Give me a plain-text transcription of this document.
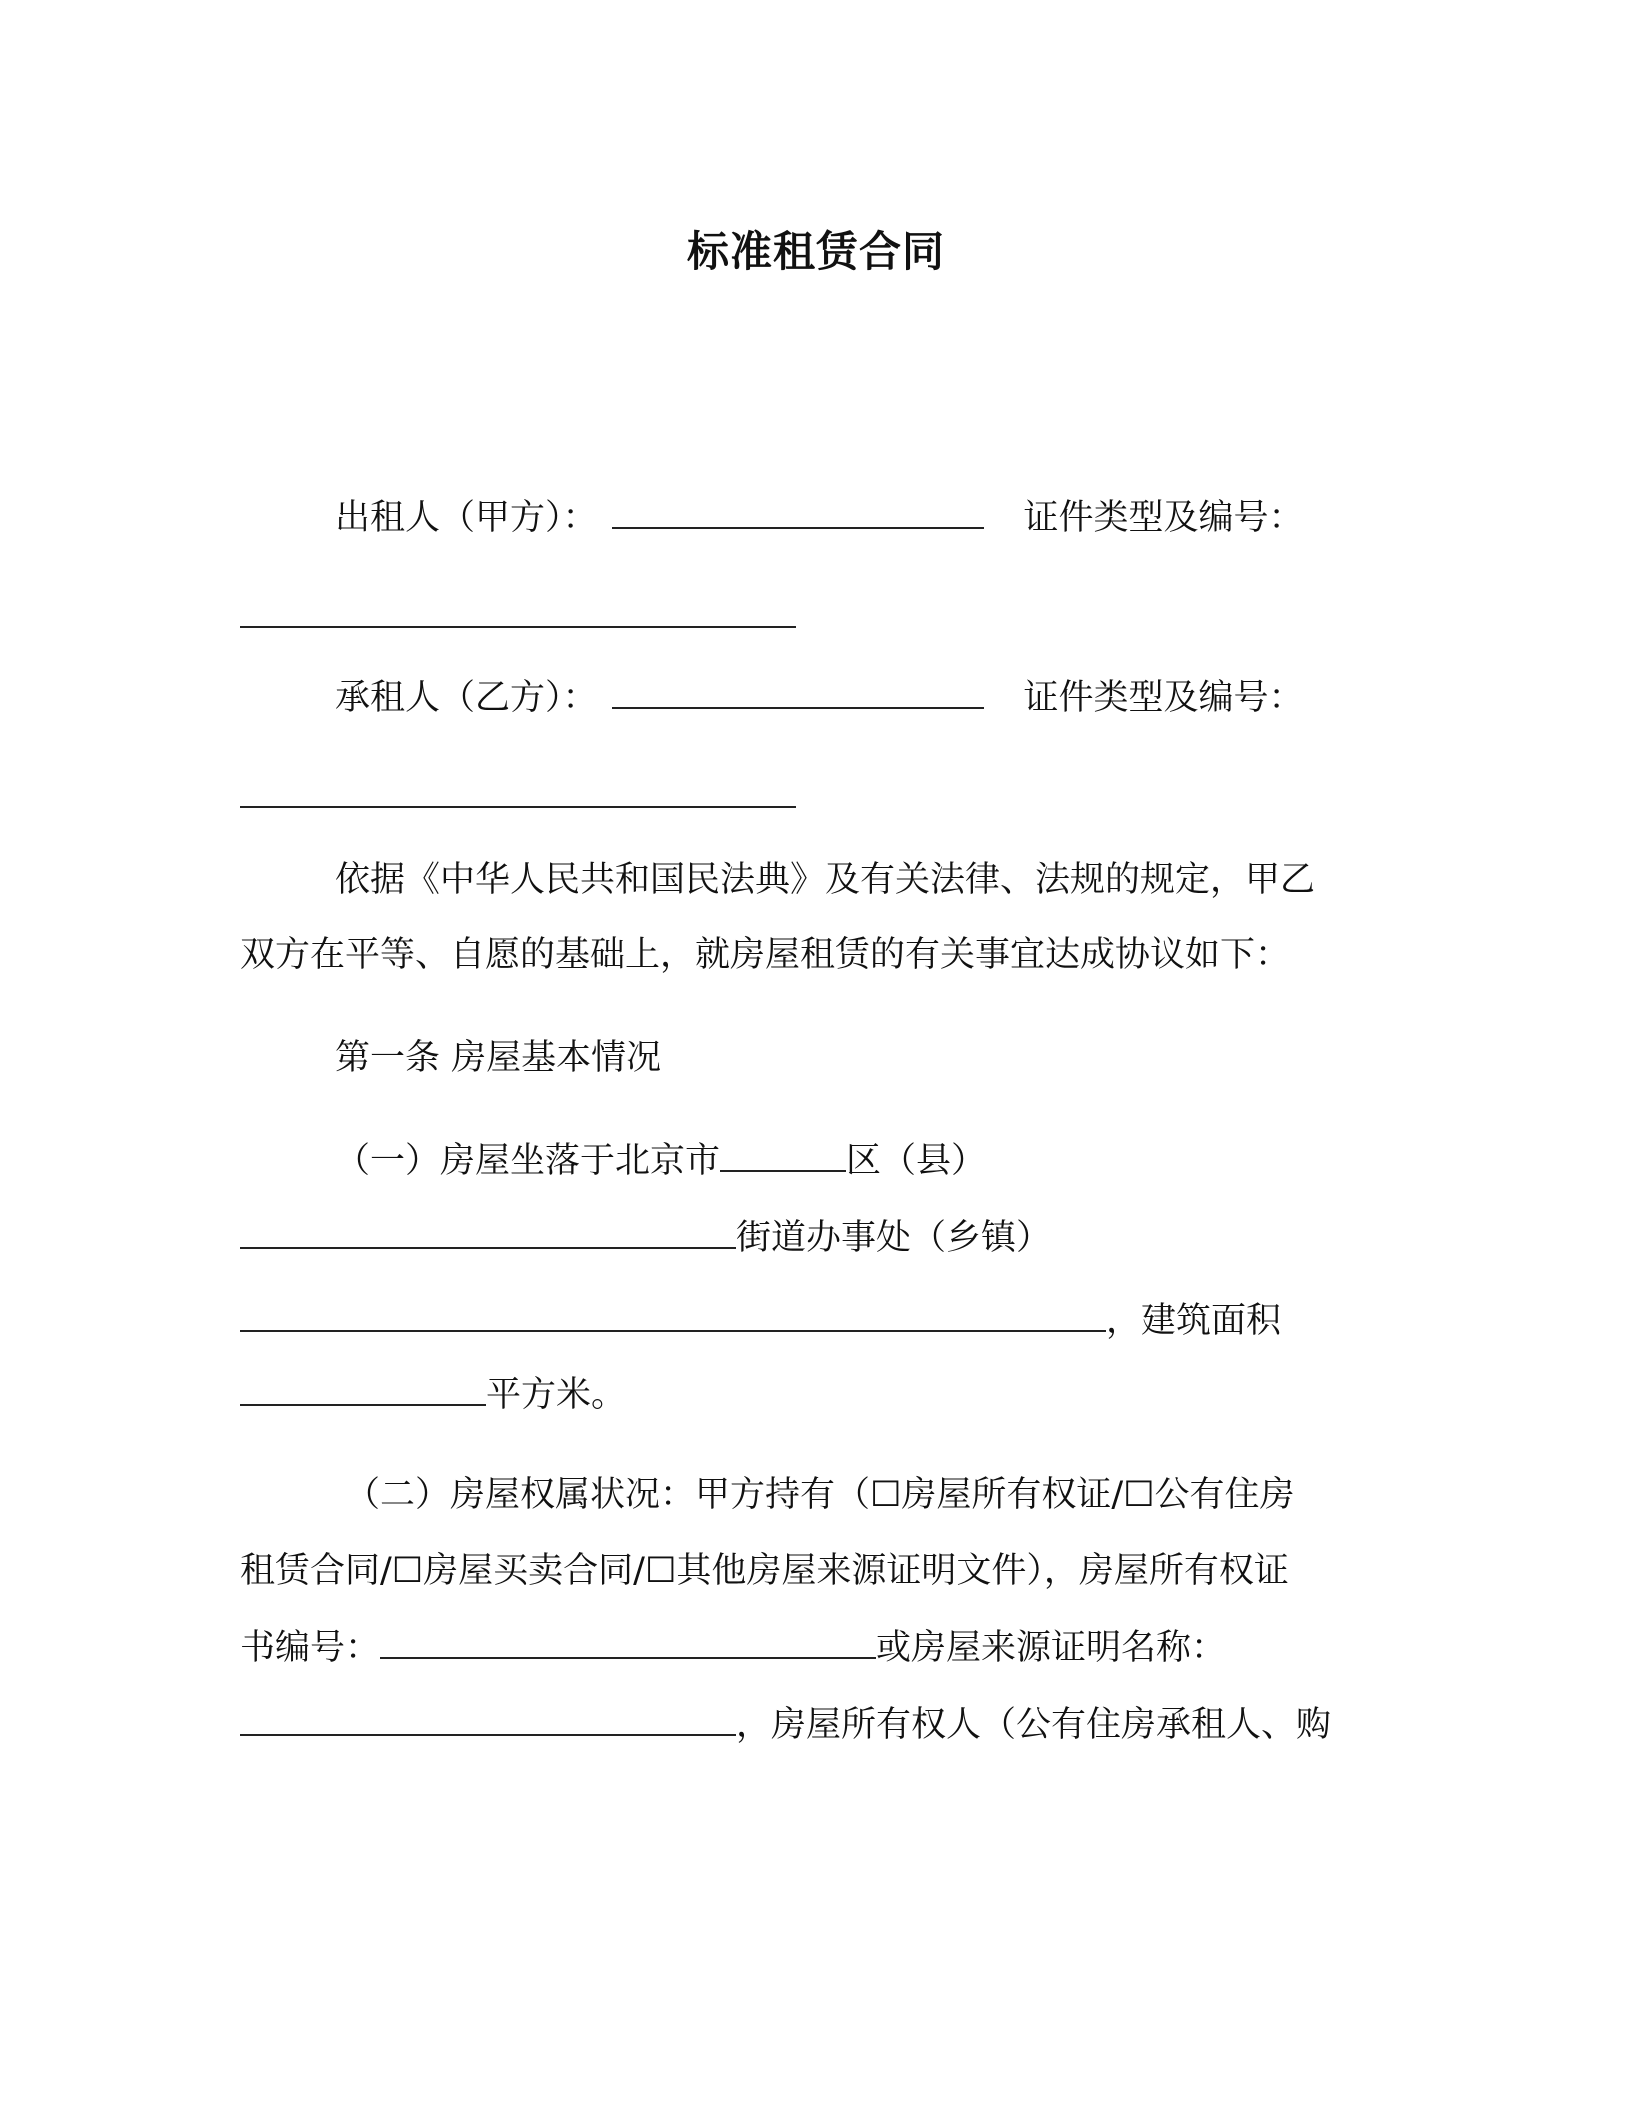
标准租赁合同
出租人（甲方）：	证件类型及编号：
承租人（乙方）：	证件类型及编号：
依据《中华人民共和国民法典》及有关法律、法规的规定，甲乙
双方在平等、自愿的基础上，就房屋租赁的有关事宜达成协议如下：
第一条 房屋基本情况
（一）房屋坐落于北京市	区（县）
街道办事处（乡镇）
，建筑面积
平方米。
（二）房屋权属状况：甲方持有（☐房屋所有权证/☐公有住房
租赁合同/☐房屋买卖合同/☐其他房屋来源证明文件），房屋所有权证
书编号：	或房屋来源证明名称：
，房屋所有权人（公有住房承租人、购
